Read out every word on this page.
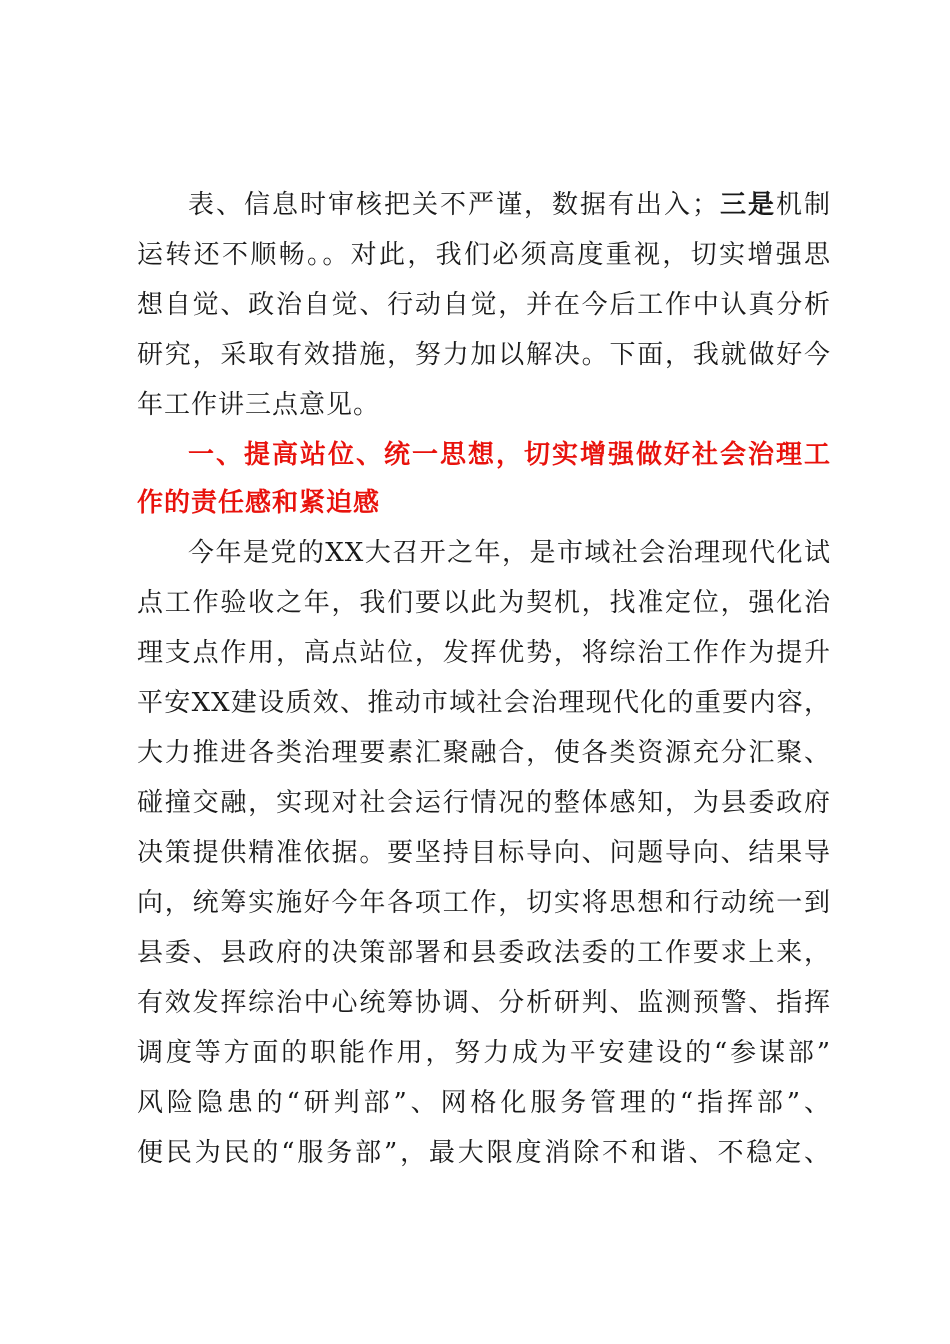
表、信息时审核把关不严谨，数据有出入；三是机制
运转还不顺畅。。对此，我们必须高度重视，切实增强思
想自觉、政治自觉、行动自觉，并在今后工作中认真分析
研究，采取有效措施，努力加以解决。下面，我就做好今
年工作讲三点意见。
一、提高站位、统一思想，切实增强做好社会治理工
作的责任感和紧迫感
今年是党的XX大召开之年，是市域社会治理现代化试
点工作验收之年，我们要以此为契机，找准定位，强化治
理支点作用，高点站位，发挥优势，将综治工作作为提升
平安XX建设质效、推动市域社会治理现代化的重要内容，
大力推进各类治理要素汇聚融合，使各类资源充分汇聚、
碰撞交融，实现对社会运行情况的整体感知，为县委政府
决策提供精准依据。要坚持目标导向、问题导向、结果导
向，统筹实施好今年各项工作，切实将思想和行动统一到
县委、县政府的决策部署和县委政法委的工作要求上来，
有效发挥综治中心统筹协调、分析研判、监测预警、指挥
调度等方面的职能作用，努力成为平安建设的“参谋部”
风险隐患的“研判部”、网格化服务管理的“指挥部”、
便民为民的“服务部”，最大限度消除不和谐、不稳定、
